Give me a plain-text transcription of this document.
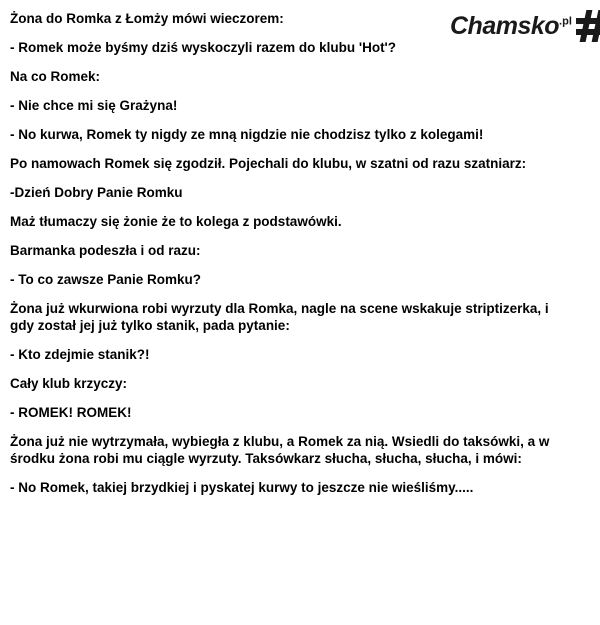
Chamsko$^{.pl}$

Żona do Romka z Łomży mówi wieczorem:

- Romek może byśmy dziś wyskoczyli razem do klubu 'Hot'?

Na co Romek:

- Nie chce mi się Grażyna!

- No kurwa, Romek ty nigdy ze mną nigdzie nie chodzisz tylko z kolegami!

Po namowach Romek się zgodził. Pojechali do klubu, w szatni od razu szatniarz:

-Dzień Dobry Panie Romku

Maż tłumaczy się żonie że to kolega z podstawówki.

Barmanka podeszła i od razu:

- To co zawsze Panie Romku?

Żona już wkurwiona robi wyrzuty dla Romka, nagle na scene wskakuje striptizerka, i gdy został jej już tylko stanik, pada pytanie:

- Kto zdejmie stanik?!

Cały klub krzyczy:

- ROMEK! ROMEK!

Żona już nie wytrzymała, wybiegła z klubu, a Romek za nią. Wsiedli do taksówki, a w środku żona robi mu ciągle wyrzuty. Taksówkarz słucha, słucha, słucha, i mówi:

- No Romek, takiej brzydkiej i pyskatej kurwy to jeszcze nie wieśliśmy.....
